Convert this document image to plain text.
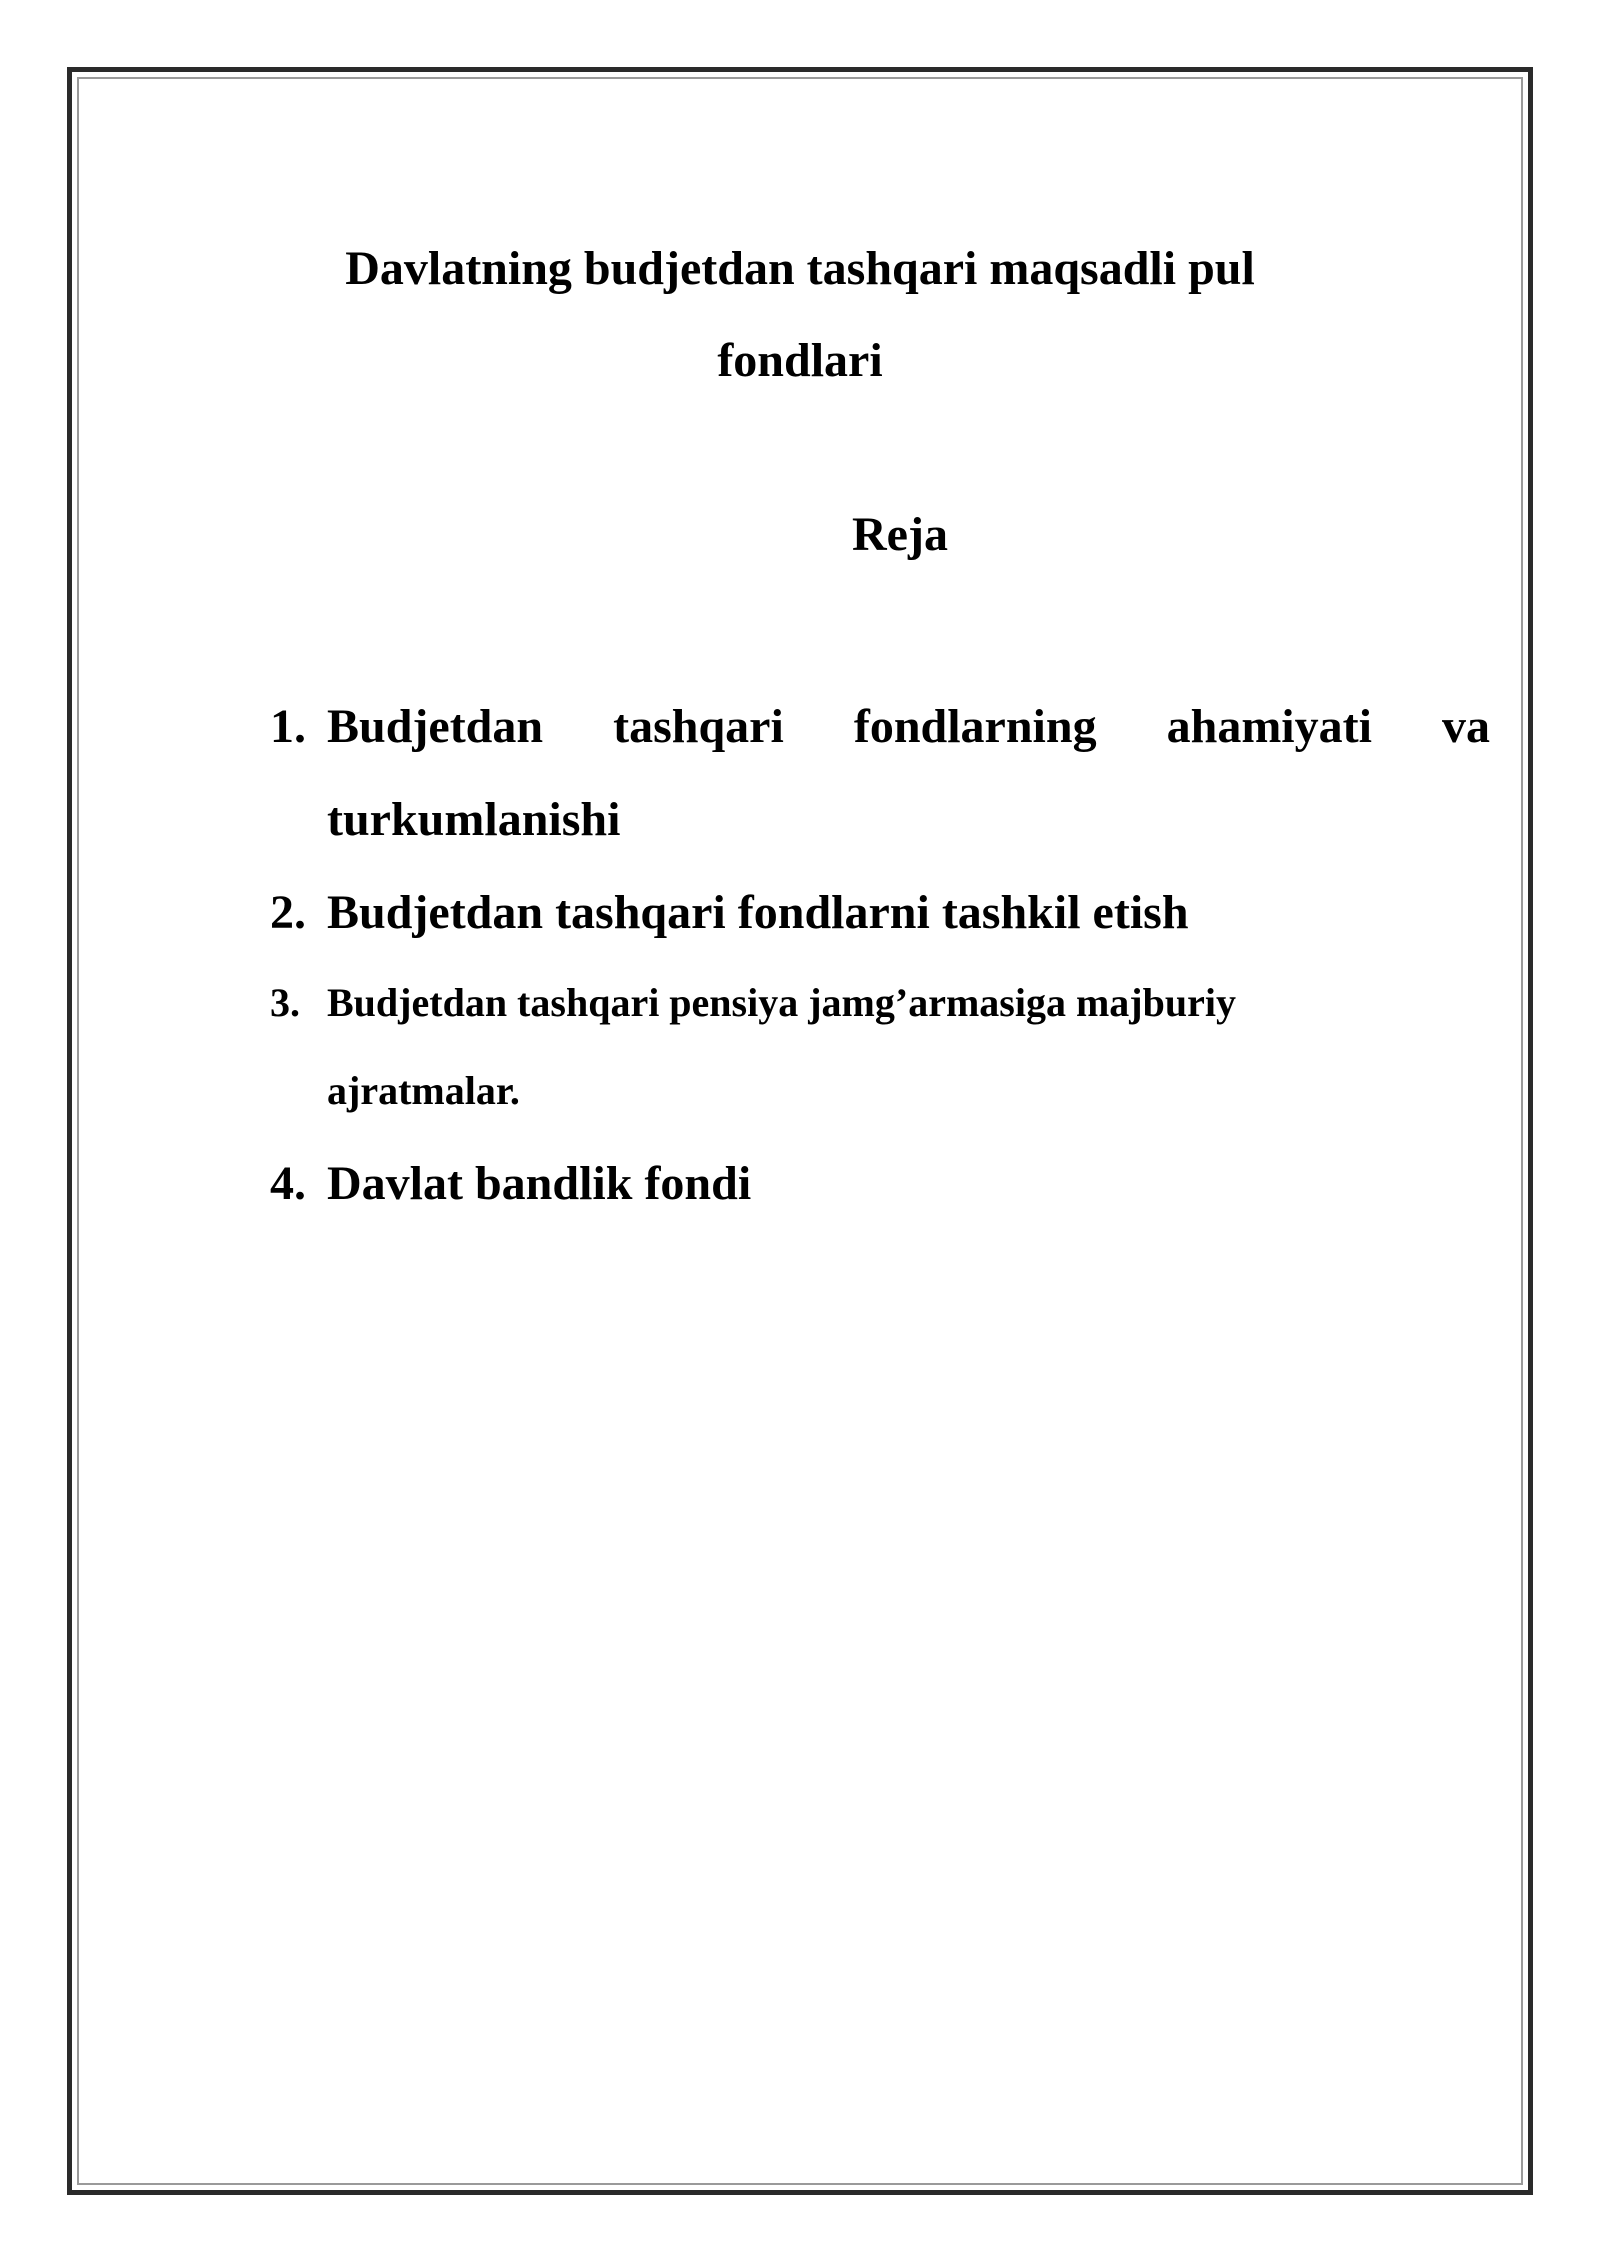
Davlatning budjetdan tashqari maqsadli pul fondlari
Reja
1. Budjetdan tashqari fondlarning ahamiyati va
turkumlanishi
2. Budjetdan tashqari fondlarni tashkil etish
3. Budjetdan tashqari pensiya jamg’armasiga majburiy
ajratmalar.
4. Davlat bandlik fondi
